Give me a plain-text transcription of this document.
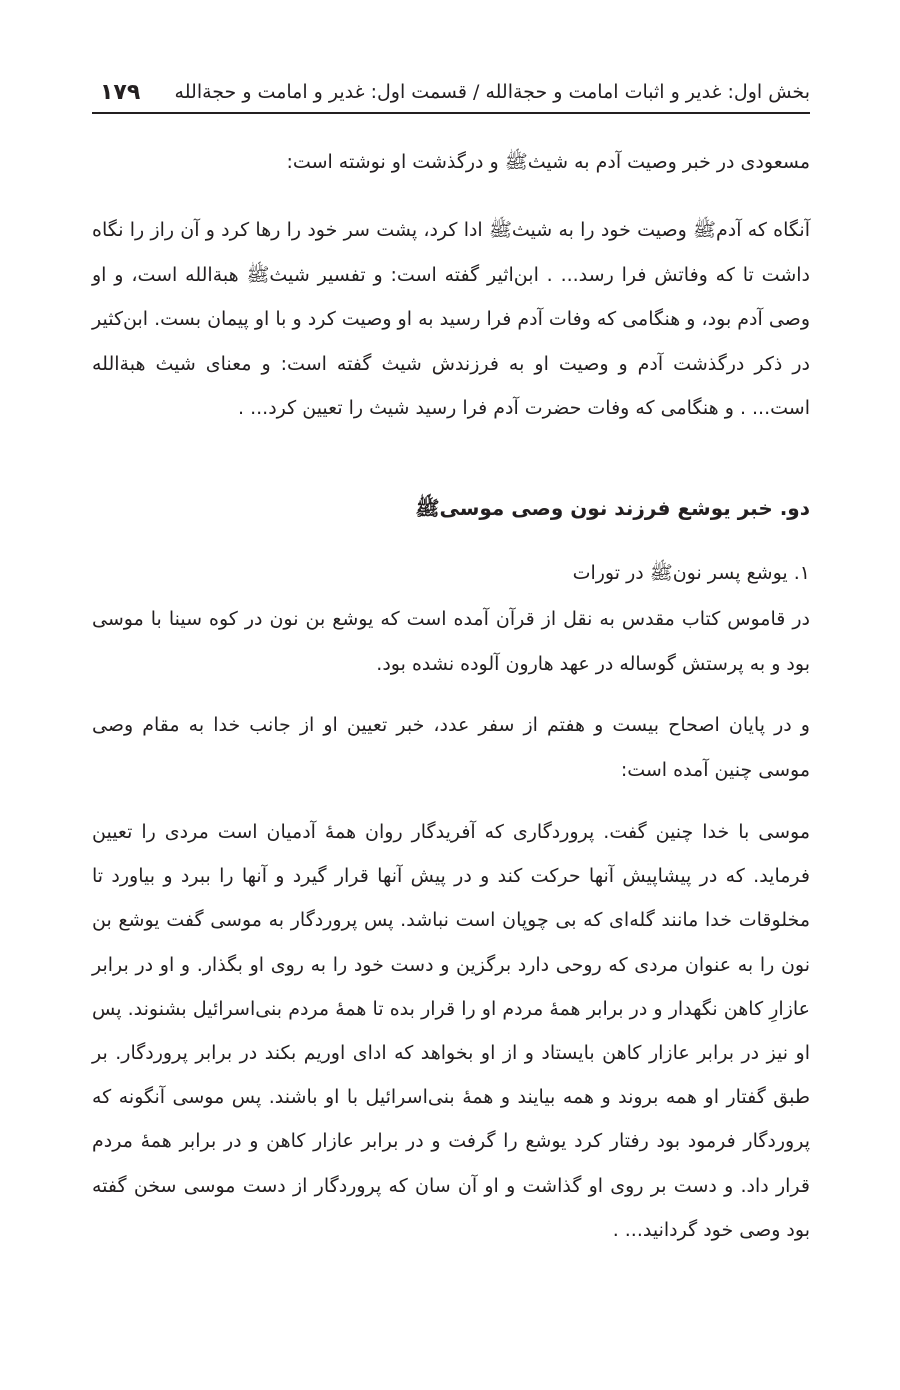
بخش اول: غدیر و اثبات امامت و حجةالله / قسمت اول: غدیر و امامت و حجةالله
۱۷۹
مسعودی در خبر وصیت آدم به شیثﷺ و درگذشت او نوشته است:
آنگاه که آدمﷺ وصیت خود را به شیثﷺ ادا کرد، پشت سر خود را رها کرد و آن راز را نگاه داشت تا که وفاتش فرا رسد... . ابن‌اثیر گفته است: و تفسیر شیثﷺ هبةالله است، و او وصی آدم بود، و هنگامی که وفات آدم فرا رسید به او وصیت کرد و با او پیمان بست. ابن‌کثیر در ذکر درگذشت آدم و وصیت او به فرزندش شیث گفته است: و معنای شیث هبةالله است... . و هنگامی که وفات حضرت آدم فرا رسید شیث را تعیین کرد... .
دو. خبر یوشع فرزند نون وصی موسیﷺ
۱. یوشع پسر نونﷺ در تورات
در قاموس کتاب مقدس به نقل از قرآن آمده است که یوشع بن نون در کوه سینا با موسی بود و به پرستش گوساله در عهد هارون آلوده نشده بود.
و در پایان اصحاح بیست و هفتم از سفر عدد، خبر تعیین او از جانب خدا به مقام وصی موسی چنین آمده است:
موسی با خدا چنین گفت. پروردگاری که آفریدگار روان همهٔ آدمیان است مردی را تعیین فرماید. که در پیشاپیش آنها حرکت کند و در پیش آنها قرار گیرد و آنها را ببرد و بیاورد تا مخلوقات خدا مانند گله‌ای که بی چوپان است نباشد. پس پروردگار به موسی گفت یوشع بن نون را به عنوان مردی که روحی دارد برگزین و دست خود را به روی او بگذار. و او در برابر عازارِ کاهن نگهدار و در برابر همهٔ مردم او را قرار بده تا همهٔ مردم بنی‌اسرائیل بشنوند. پس او نیز در برابر عازار کاهن بایستاد و از او بخواهد که ادای اوریم بکند در برابر پروردگار. بر طبق گفتار او همه بروند و همه بیایند و همهٔ بنی‌اسرائیل با او باشند. پس موسی آنگونه که پروردگار فرمود بود رفتار کرد یوشع را گرفت و در برابر عازار کاهن و در برابر همهٔ مردم قرار داد. و دست بر روی او گذاشت و او آن سان که پروردگار از دست موسی سخن گفته بود وصی خود گردانید... .
